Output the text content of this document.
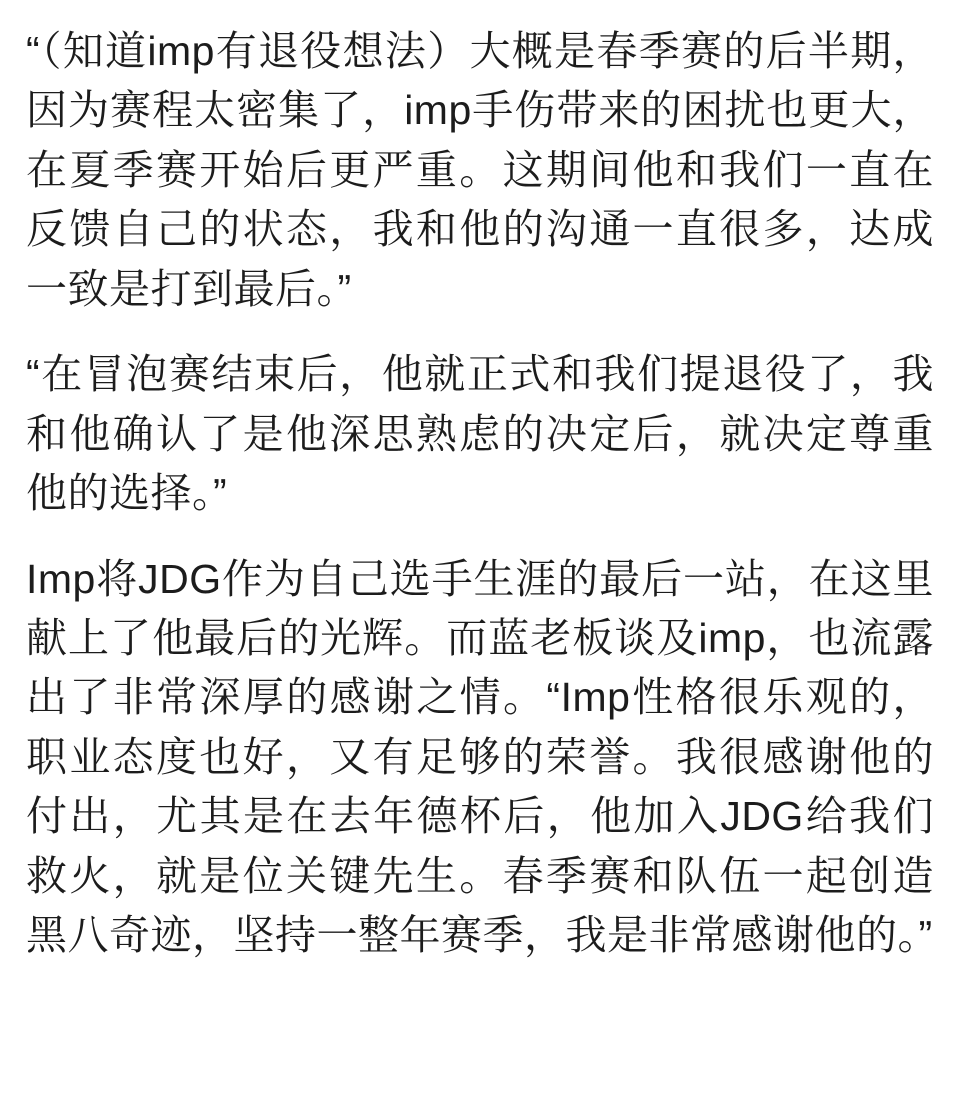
“（知道imp有退役想法）大概是春季赛的后半期，因为赛程太密集了，imp手伤带来的困扰也更大，在夏季赛开始后更严重。这期间他和我们一直在反馈自己的状态，我和他的沟通一直很多，达成一致是打到最后。”

“在冒泡赛结束后，他就正式和我们提退役了，我和他确认了是他深思熟虑的决定后，就决定尊重他的选择。”

Imp将JDG作为自己选手生涯的最后一站，在这里献上了他最后的光辉。而蓝老板谈及imp，也流露出了非常深厚的感谢之情。“Imp性格很乐观的，职业态度也好，又有足够的荣誉。我很感谢他的付出，尤其是在去年德杯后，他加入JDG给我们救火，就是位关键先生。春季赛和队伍一起创造黑八奇迹，坚持一整年赛季，我是非常感谢他的。”
